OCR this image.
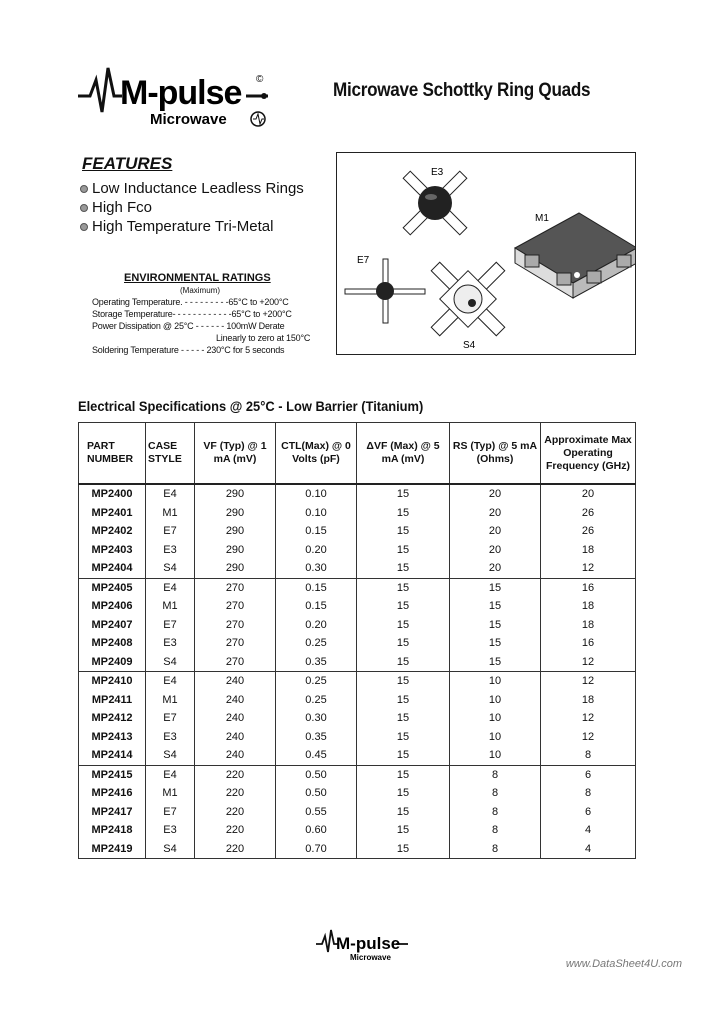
©
M-pulse
Microwave
Microwave Schottky Ring Quads
FEATURES
Low Inductance Leadless Rings
High Fco
High Temperature Tri-Metal
ENVIRONMENTAL RATINGS
(Maximum)
Operating Temperature. - - - - - - - - -65°C to +200°C
Storage Temperature- - - - - - - - - - - -65°C to +200°C
Power Dissipation @ 25°C - - - - - - 100mW Derate
Linearly to zero at 150°C
Soldering Temperature - - - - - 230°C for 5 seconds
E3
M1
E7
S4
Electrical Specifications @ 25°C - Low Barrier (Titanium)
PART NUMBER	CASE STYLE	VF (Typ) @ 1 mA (mV)	CTL(Max) @ 0 Volts (pF)	ΔVF (Max) @ 5 mA (mV)	RS (Typ) @ 5 mA (Ohms)	Approximate Max Operating Frequency (GHz)
MP2400	E4	290	0.10	15	20	20
MP2401	M1	290	0.10	15	20	26
MP2402	E7	290	0.15	15	20	26
MP2403	E3	290	0.20	15	20	18
MP2404	S4	290	0.30	15	20	12
MP2405	E4	270	0.15	15	15	16
MP2406	M1	270	0.15	15	15	18
MP2407	E7	270	0.20	15	15	18
MP2408	E3	270	0.25	15	15	16
MP2409	S4	270	0.35	15	15	12
MP2410	E4	240	0.25	15	10	12
MP2411	M1	240	0.25	15	10	18
MP2412	E7	240	0.30	15	10	12
MP2413	E3	240	0.35	15	10	12
MP2414	S4	240	0.45	15	10	8
MP2415	E4	220	0.50	15	8	6
MP2416	M1	220	0.50	15	8	8
MP2417	E7	220	0.55	15	8	6
MP2418	E3	220	0.60	15	8	4
MP2419	S4	220	0.70	15	8	4
M-pulse
Microwave
www.DataSheet4U.com
